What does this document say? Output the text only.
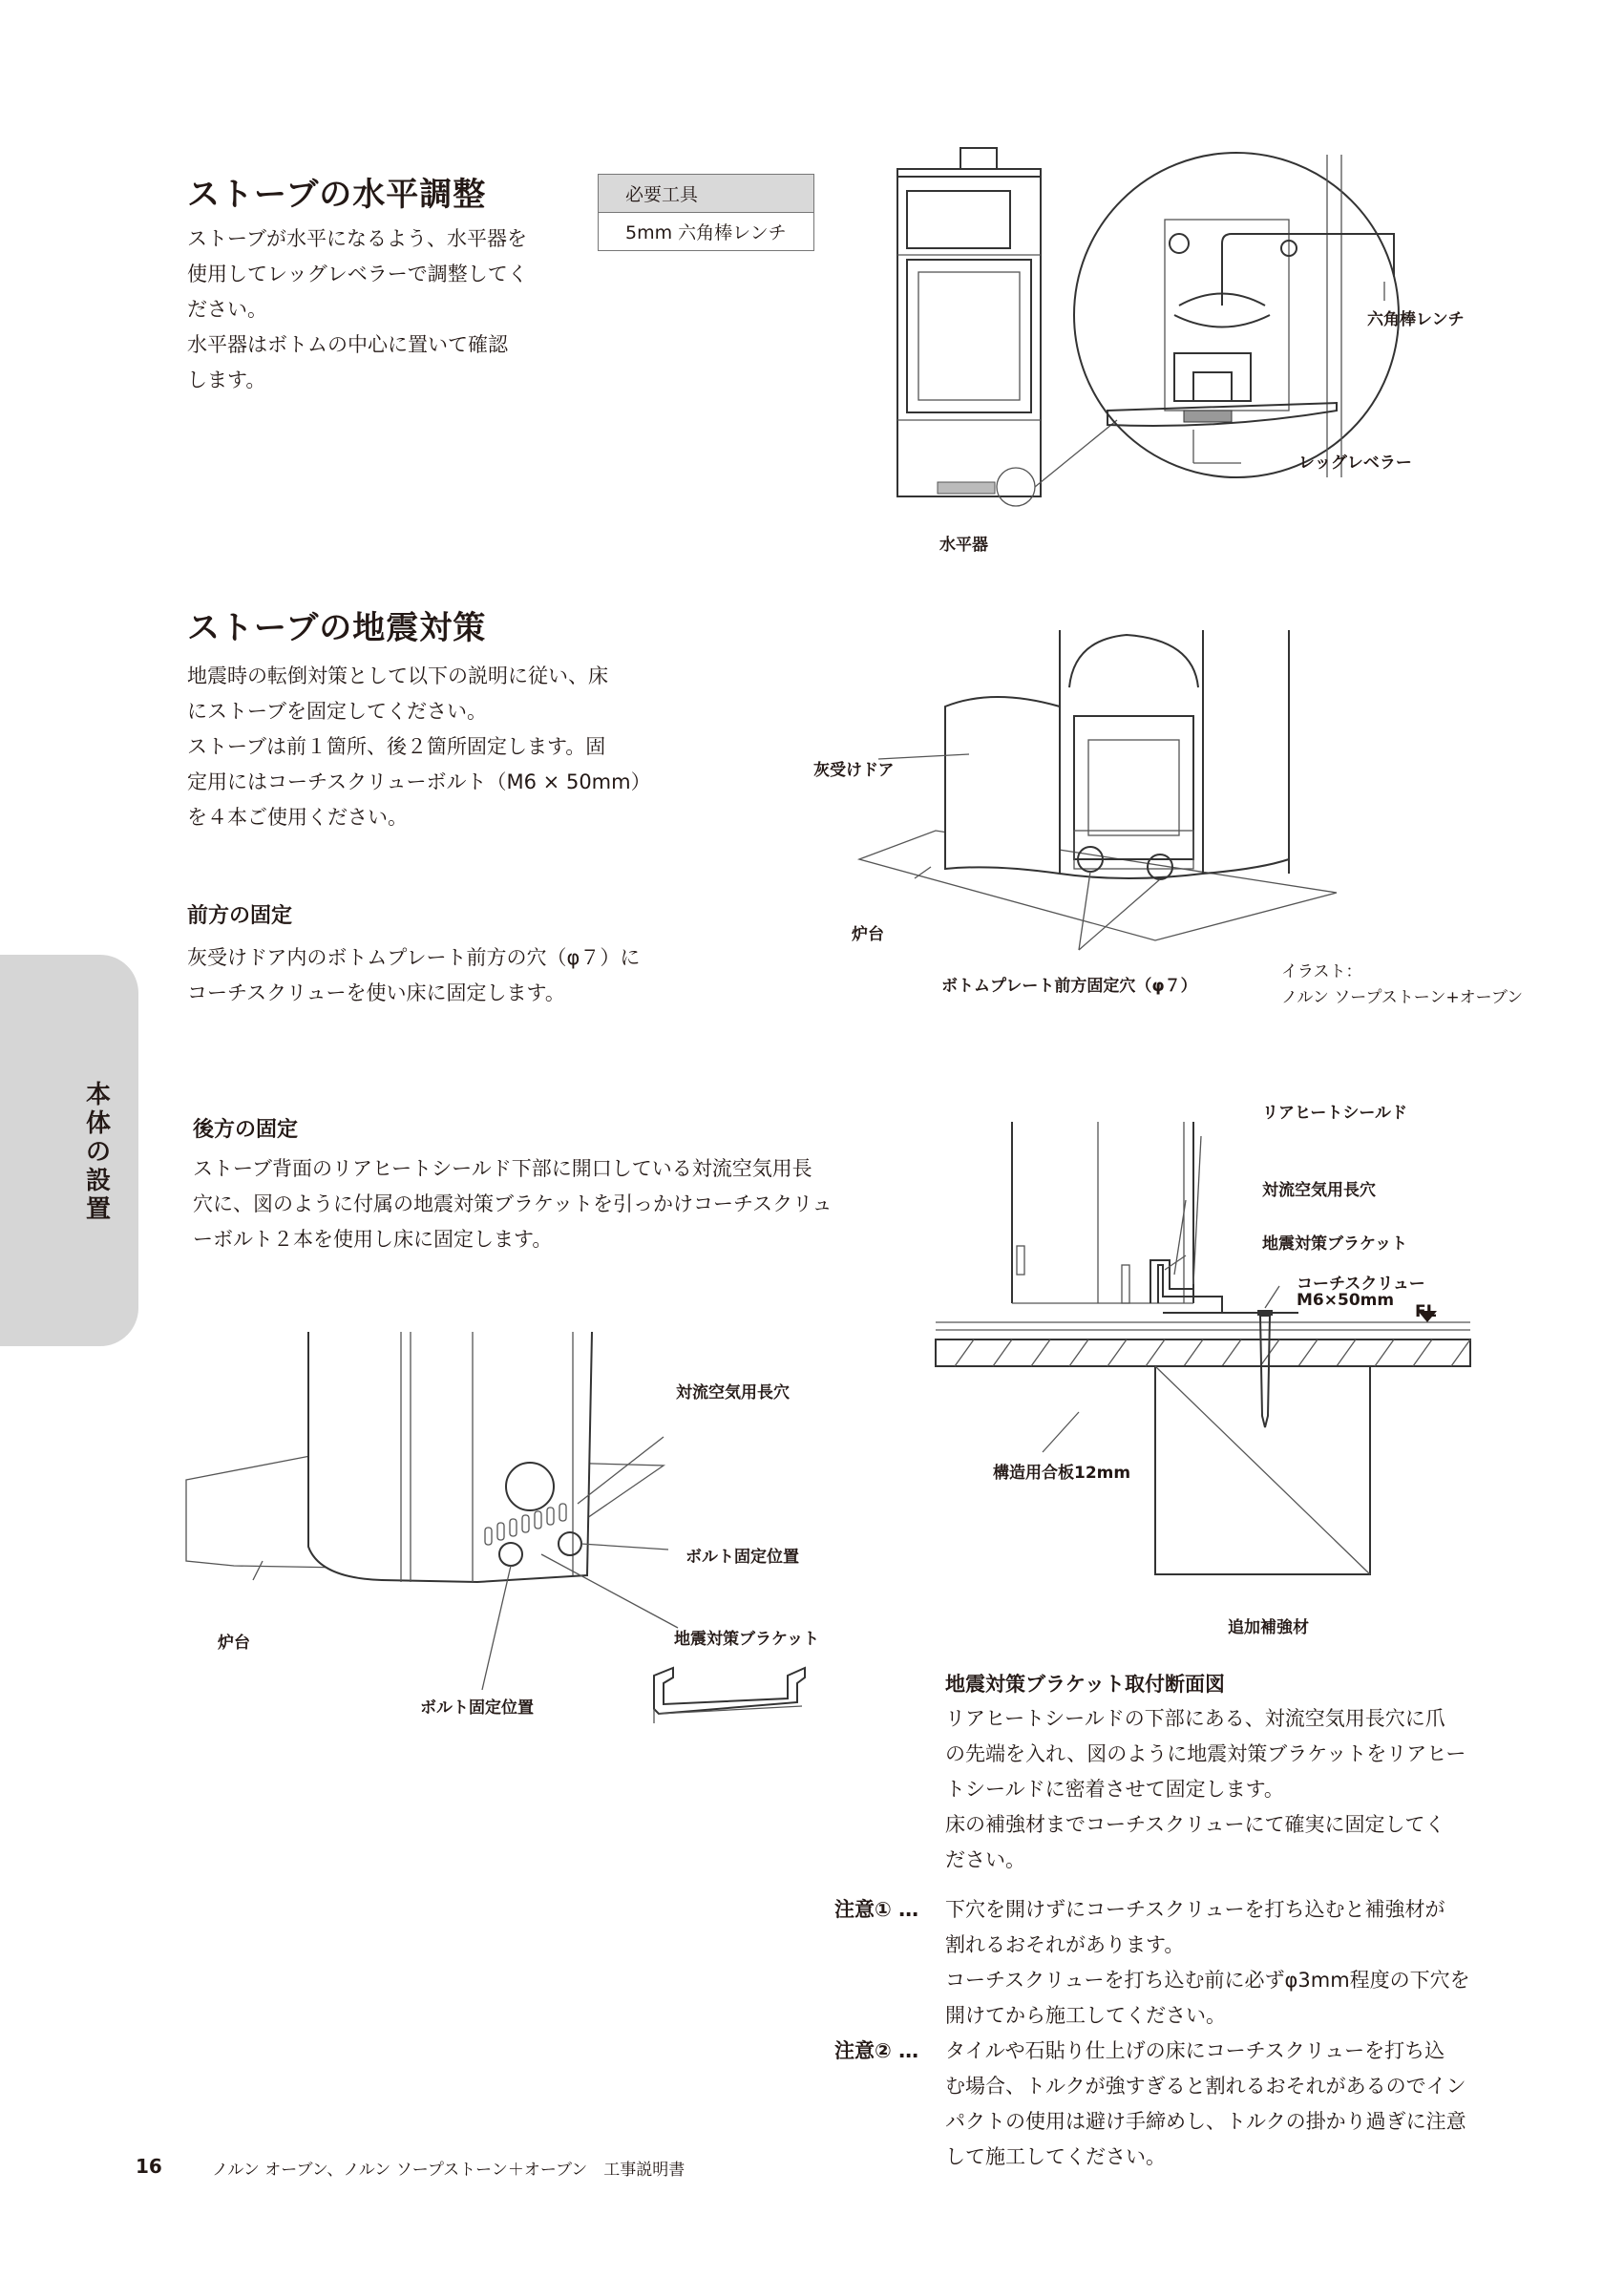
ストーブの水平調整

ストーブが水平になるよう、水平器を

使用してレッグレベラーで調整してく

ださい。

水平器はボトムの中心に置いて確認

します。

必要工具
5mm 六角棒レンチ
六角棒レンチ
レッグレベラー
水平器
ストーブの地震対策

地震時の転倒対策として以下の説明に従い、床

にストーブを固定してください。

ストーブは前１箇所、後２箇所固定します。固

定用にはコーチスクリューボルト（M6 × 50mm）

を４本ご使用ください。

前方の固定

灰受けドア内のボトムプレート前方の穴（φ７）に

コーチスクリューを使い床に固定します。

灰受けドア
炉台
ボトムプレート前方固定穴（φ７）
イラスト：
ノルン ソープストーン+オーブン
本
体
の
設
置
後方の固定

ストーブ背面のリアヒートシールド下部に開口している対流空気用長

穴に、図のように付属の地震対策ブラケットを引っかけコーチスクリュ

ーボルト２本を使用し床に固定します。

対流空気用長穴
ボルト固定位置
地震対策ブラケット
炉台
ボルト固定位置
リアヒートシールド
対流空気用長穴
地震対策ブラケット
コーチスクリュー
M6×50mm
FL
構造用合板12mm
追加補強材
地震対策ブラケット取付断面図

リアヒートシールドの下部にある、対流空気用長穴に爪

の先端を入れ、図のように地震対策ブラケットをリアヒー

トシールドに密着させて固定します。

床の補強材までコーチスクリューにて確実に固定してく

ださい。

注意① …	下穴を開けずにコーチスクリューを打ち込むと補強材が
割れるおそれがあります。
コーチスクリューを打ち込む前に必ずφ3mm程度の下穴を
開けてから施工してください。
注意② …	タイルや石貼り仕上げの床にコーチスクリューを打ち込
む場合、トルクが強すぎると割れるおそれがあるのでイン
パクトの使用は避け手締めし、トルクの掛かり過ぎに注意
して施工してください。
16	ノルン オーブン、ノルン ソープストーン＋オーブン　工事説明書
